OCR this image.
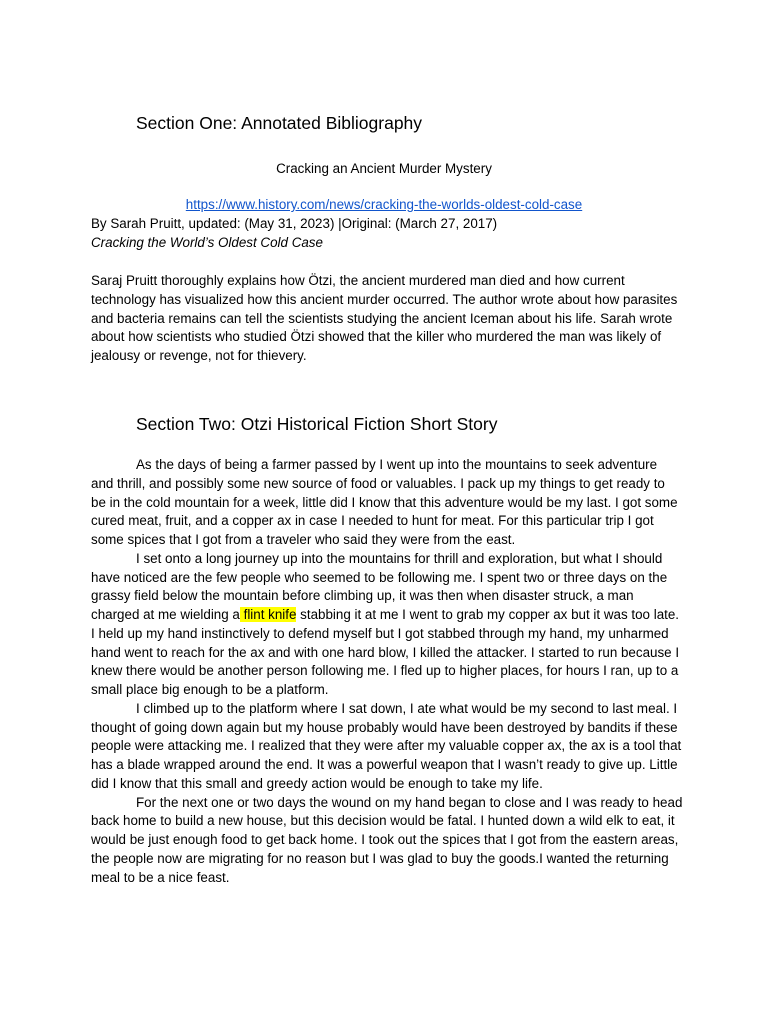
Section One: Annotated Bibliography
Cracking an Ancient Murder Mystery
https://www.history.com/news/cracking-the-worlds-oldest-cold-case
By Sarah Pruitt, updated: (May 31, 2023) |Original: (March 27, 2017)
Cracking the World’s Oldest Cold Case

Saraj Pruitt thoroughly explains how Ötzi, the ancient murdered man died and how current technology has visualized how this ancient murder occurred. The author wrote about how parasites and bacteria remains can tell the scientists studying the ancient Iceman about his life. Sarah wrote about how scientists who studied Ötzi showed that the killer who murdered the man was likely of jealousy or revenge, not for thievery.

Section Two: Otzi Historical Fiction Short Story

As the days of being a farmer passed by I went up into the mountains to seek adventure and thrill, and possibly some new source of food or valuables. I pack up my things to get ready to be in the cold mountain for a week, little did I know that this adventure would be my last. I got some cured meat, fruit, and a copper ax in case I needed to hunt for meat. For this particular trip I got some spices that I got from a traveler who said they were from the east.

I set onto a long journey up into the mountains for thrill and exploration, but what I should have noticed are the few people who seemed to be following me. I spent two or three days on the grassy field below the mountain before climbing up, it was then when disaster struck, a man charged at me wielding a flint knife stabbing it at me I went to grab my copper ax but it was too late. I held up my hand instinctively to defend myself but I got stabbed through my hand, my unharmed hand went to reach for the ax and with one hard blow, I killed the attacker. I started to run because I knew there would be another person following me. I fled up to higher places, for hours I ran, up to a small place big enough to be a platform.

I climbed up to the platform where I sat down, I ate what would be my second to last meal. I thought of going down again but my house probably would have been destroyed by bandits if these people were attacking me. I realized that they were after my valuable copper ax, the ax is a tool that has a blade wrapped around the end. It was a powerful weapon that I wasn’t ready to give up. Little did I know that this small and greedy action would be enough to take my life.

For the next one or two days the wound on my hand began to close and I was ready to head back home to build a new house, but this decision would be fatal. I hunted down a wild elk to eat, it would be just enough food to get back home. I took out the spices that I got from the eastern areas, the people now are migrating for no reason but I was glad to buy the goods.I wanted the returning meal to be a nice feast.
